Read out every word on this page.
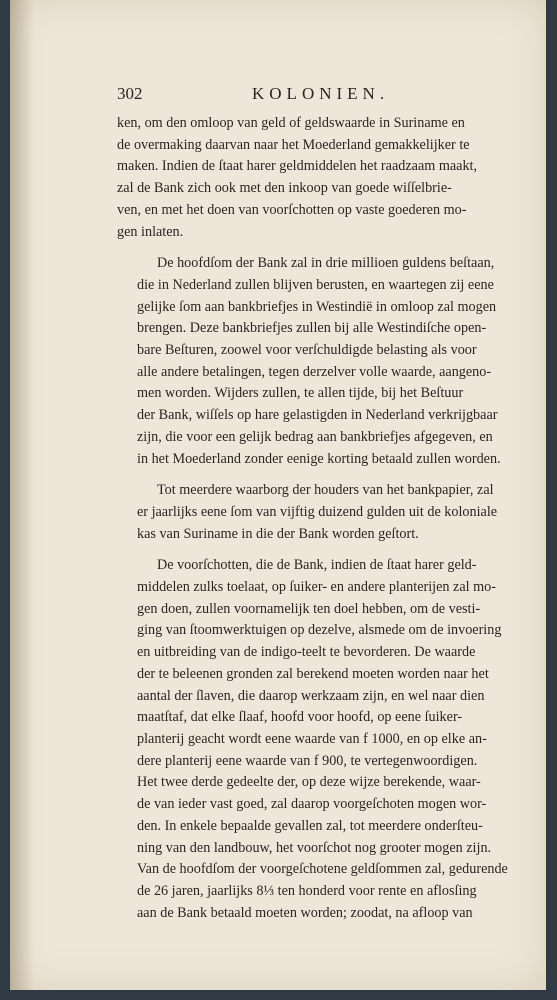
302	KOLONIEN.

ken, om den omloop van geld of geldswaarde in Suriname en
de overmaking daarvan naar het Moederland gemakkelijker te
maken. Indien de ſtaat harer geldmiddelen het raadzaam maakt,
zal de Bank zich ook met den inkoop van goede wiſſelbrie-
ven, en met het doen van voorſchotten op vaste goederen mo-
gen inlaten.

De hoofdſom der Bank zal in drie millioen guldens beſtaan,
die in Nederland zullen blijven berusten, en waartegen zij eene
gelijke ſom aan bankbriefjes in Westindië in omloop zal mogen
brengen. Deze bankbriefjes zullen bij alle Westindiſche open-
bare Beſturen, zoowel voor verſchuldigde belasting als voor
alle andere betalingen, tegen derzelver volle waarde, aangeno-
men worden. Wijders zullen, te allen tijde, bij het Beſtuur
der Bank, wiſſels op hare gelastigden in Nederland verkrijgbaar
zijn, die voor een gelijk bedrag aan bankbriefjes afgegeven, en
in het Moederland zonder eenige korting betaald zullen worden.

Tot meerdere waarborg der houders van het bankpapier, zal
er jaarlijks eene ſom van vijftig duizend gulden uit de koloniale
kas van Suriname in die der Bank worden geſtort.

De voorſchotten, die de Bank, indien de ſtaat harer geld-
middelen zulks toelaat, op ſuiker- en andere planterijen zal mo-
gen doen, zullen voornamelijk ten doel hebben, om de vesti-
ging van ſtoomwerktuigen op dezelve, alsmede om de invoering
en uitbreiding van de indigo-teelt te bevorderen. De waarde
der te beleenen gronden zal berekend moeten worden naar het
aantal der ſlaven, die daarop werkzaam zijn, en wel naar dien
maatſtaf, dat elke ſlaaf, hoofd voor hoofd, op eene ſuiker-
planterij geacht wordt eene waarde van f 1000, en op elke an-
dere planterij eene waarde van f 900, te vertegenwoordigen.
Het twee derde gedeelte der, op deze wijze berekende, waar-
de van ieder vast goed, zal daarop voorgeſchoten mogen wor-
den. In enkele bepaalde gevallen zal, tot meerdere onderſteu-
ning van den landbouw, het voorſchot nog grooter mogen zijn.
Van de hoofdſom der voorgeſchotene geldſommen zal, gedurende
de 26 jaren, jaarlijks 8⅓ ten honderd voor rente en aflosſing
aan de Bank betaald moeten worden; zoodat, na afloop van
